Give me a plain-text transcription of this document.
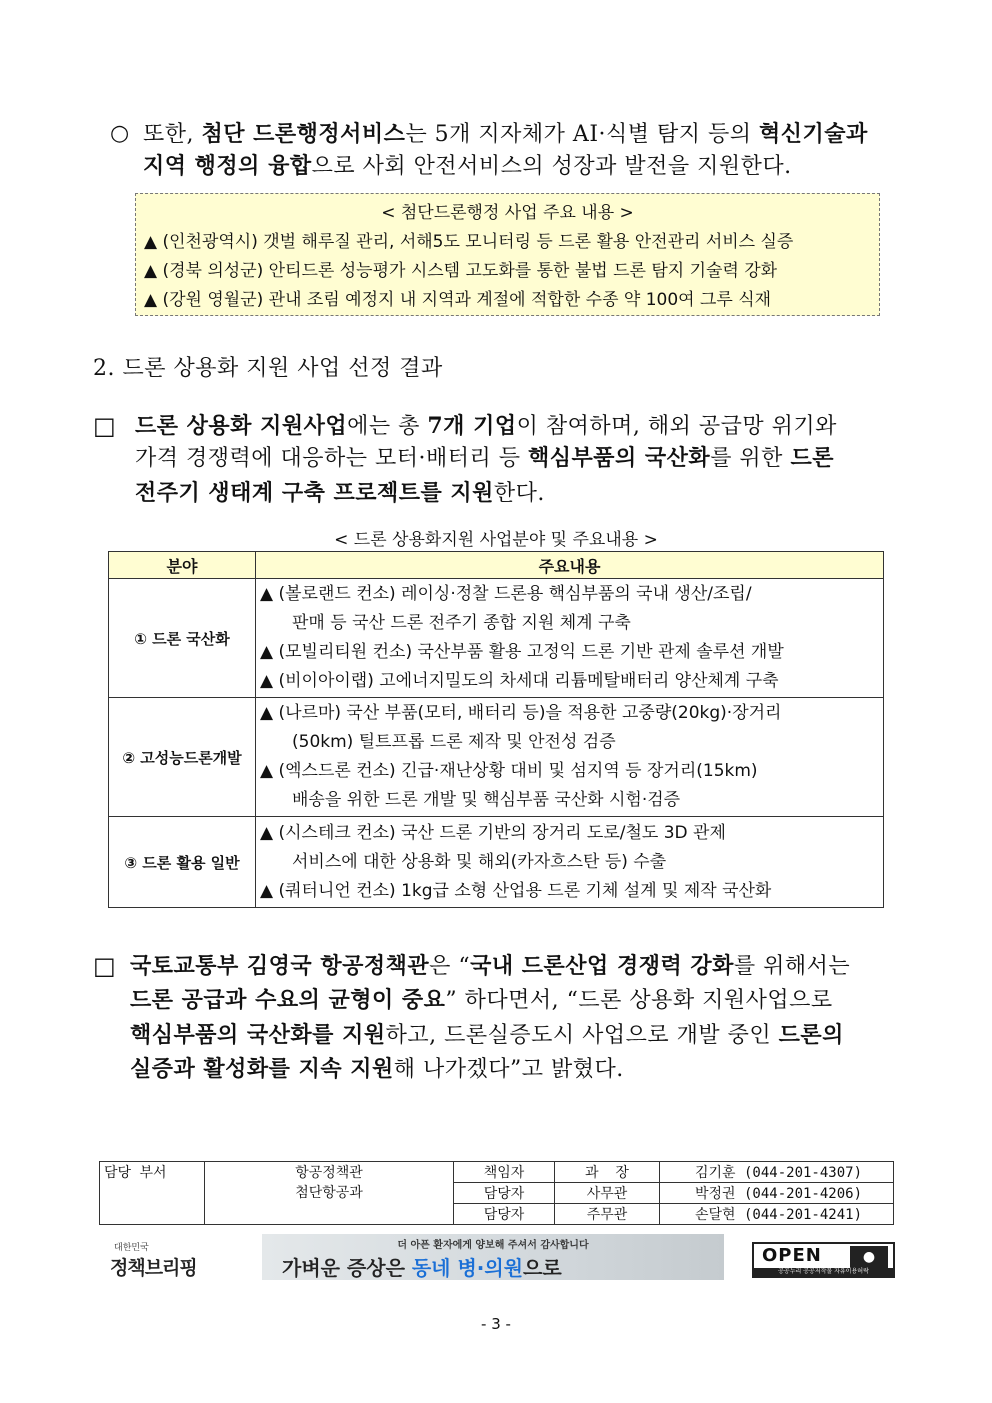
○ 또한, 첨단 드론행정서비스는 5개 지자체가 AI·식별 탐지 등의 혁신기술과
지역 행정의 융합으로 사회 안전서비스의 성장과 발전을 지원한다.
< 첨단드론행정 사업 주요 내용 >
▲ (인천광역시) 갯벌 해루질 관리, 서해5도 모니터링 등 드론 활용 안전관리 서비스 실증
▲ (경북 의성군) 안티드론 성능평가 시스템 고도화를 통한 불법 드론 탐지 기술력 강화
▲ (강원 영월군) 관내 조림 예정지 내 지역과 계절에 적합한 수종 약 100여 그루 식재
2. 드론 상용화 지원 사업 선정 결과
□ 드론 상용화 지원사업에는 총 7개 기업이 참여하며, 해외 공급망 위기와
가격 경쟁력에 대응하는 모터·배터리 등 핵심부품의 국산화를 위한 드론
전주기 생태계 구축 프로젝트를 지원한다.
< 드론 상용화지원 사업분야 및 주요내용 >
분야	주요내용
① 드론 국산화	▲ (볼로랜드 컨소) 레이싱·정찰 드론용 핵심부품의 국내 생산/조립/
판매 등 국산 드론 전주기 종합 지원 체계 구축
▲ (모빌리티원 컨소) 국산부품 활용 고정익 드론 기반 관제 솔루션 개발
▲ (비이아이랩) 고에너지밀도의 차세대 리튬메탈배터리 양산체계 구축

② 고성능드론개발	▲ (나르마) 국산 부품(모터, 배터리 등)을 적용한 고중량(20kg)·장거리
(50km) 틸트프롭 드론 제작 및 안전성 검증
▲ (엑스드론 컨소) 긴급·재난상황 대비 및 섬지역 등 장거리(15km)
배송을 위한 드론 개발 및 핵심부품 국산화 시험·검증

③ 드론 활용 일반	▲ (시스테크 컨소) 국산 드론 기반의 장거리 도로/철도 3D 관제
서비스에 대한 상용화 및 해외(카자흐스탄 등) 수출
▲ (쿼터니언 컨소) 1kg급 소형 산업용 드론 기체 설계 및 제작 국산화
□ 국토교통부 김영국 항공정책관은 “국내 드론산업 경쟁력 강화를 위해서는
드론 공급과 수요의 균형이 중요” 하다면서, “드론 상용화 지원사업으로
핵심부품의 국산화를 지원하고, 드론실증도시 사업으로 개발 중인 드론의
실증과 활성화를 지속 지원해 나가겠다”고 밝혔다.
담당 부서	항공정책관
첨단항공과	책임자	과  장	김기훈 (044-201-4307)
		담당자	사무관	박정권 (044-201-4206)
		담당자	주무관	손달현 (044-201-4241)
대한민국
정책브리핑
더 아픈 환자에게 양보해 주셔서 감사합니다
가벼운 증상은 동네 병·의원으로
OPEN	●
공공누리 공공저작물 자유이용허락
- 3 -
